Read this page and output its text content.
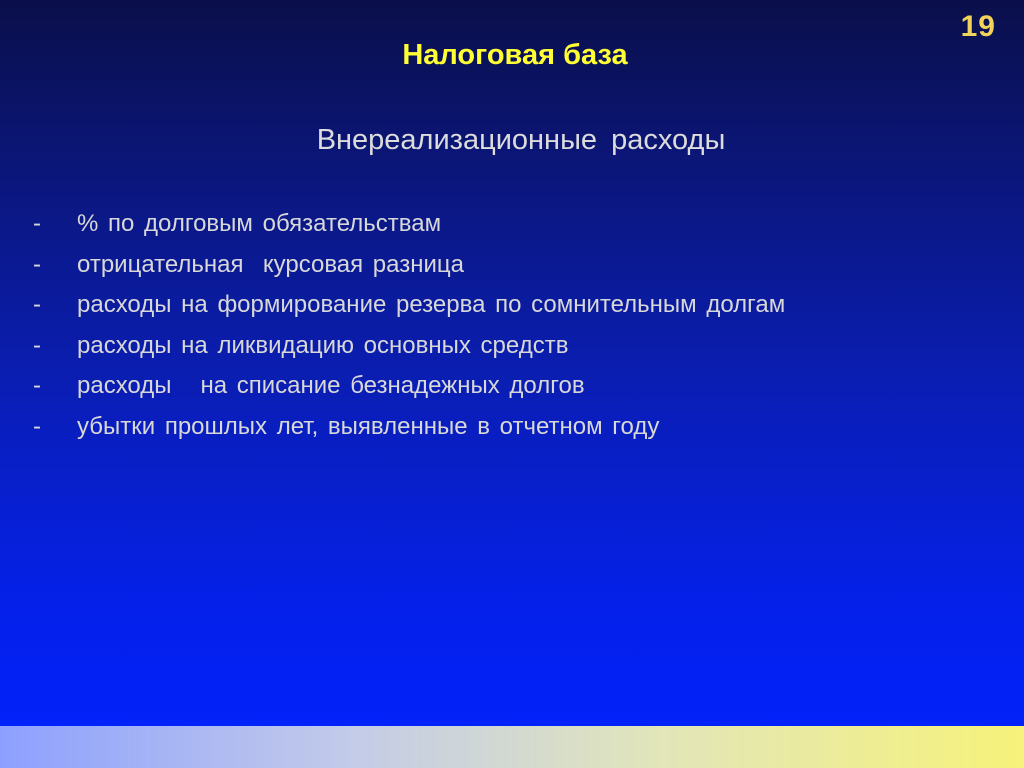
19
Налоговая база
Внереализационные расходы
-	% по долговым обязательствам
-	отрицательная  курсовая разница
-	расходы на формирование резерва по сомнительным долгам
-	расходы на ликвидацию основных средств
-	расходы   на списание безнадежных долгов
-	убытки прошлых лет, выявленные в отчетном году
